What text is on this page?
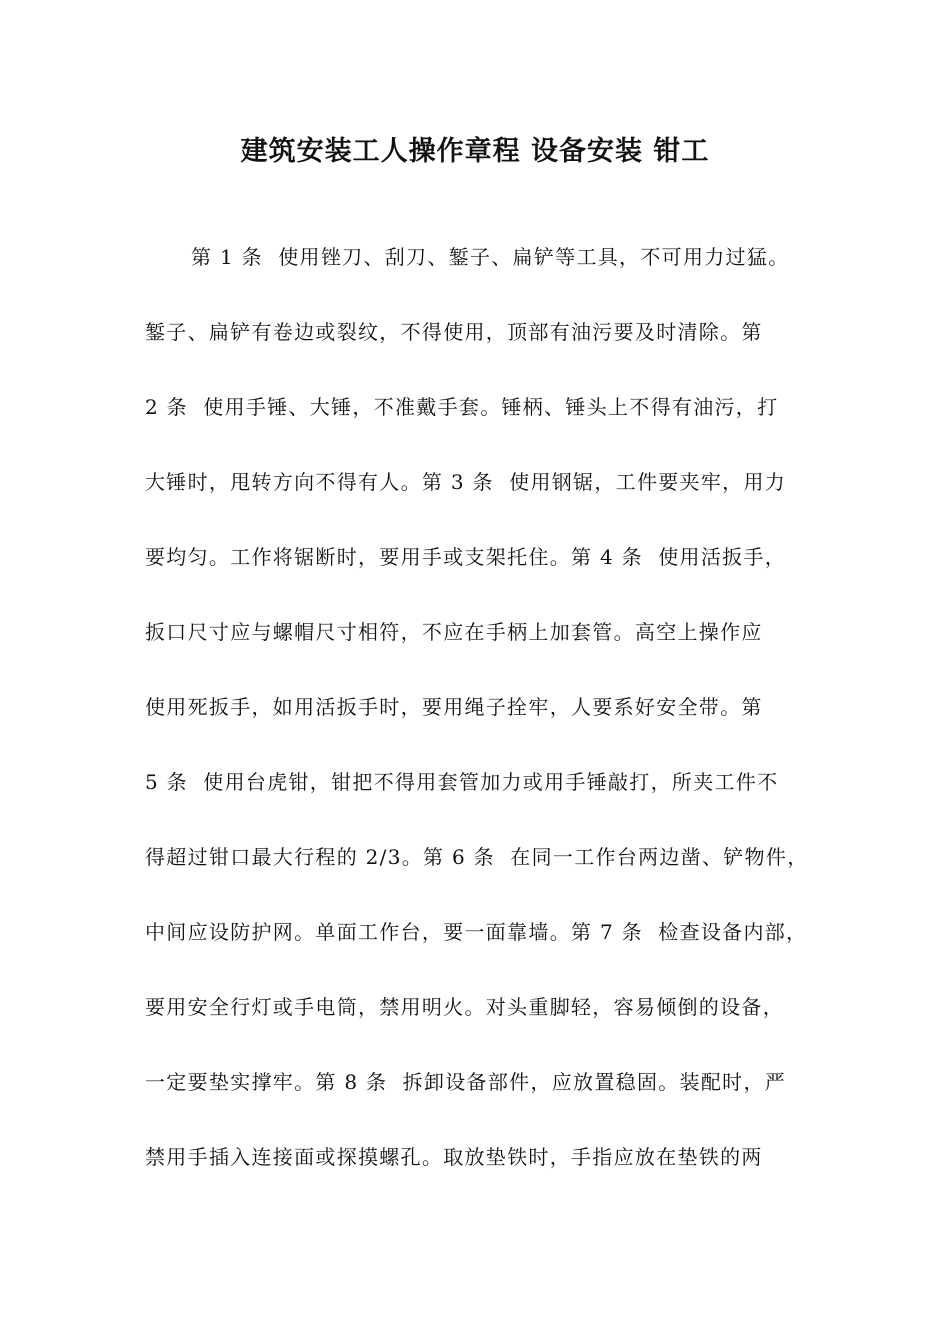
建筑安装工人操作章程 设备安装 钳工
第 1 条  使用锉刀、刮刀、錾子、扁铲等工具，不可用力过猛。
錾子、扁铲有卷边或裂纹，不得使用，顶部有油污要及时清除。第
2 条  使用手锤、大锤，不准戴手套。锤柄、锤头上不得有油污，打
大锤时，甩转方向不得有人。第 3 条  使用钢锯，工件要夹牢，用力
要均匀。工作将锯断时，要用手或支架托住。第 4 条  使用活扳手，
扳口尺寸应与螺帽尺寸相符，不应在手柄上加套管。高空上操作应
使用死扳手，如用活扳手时，要用绳子拴牢，人要系好安全带。第
5 条  使用台虎钳，钳把不得用套管加力或用手锤敲打，所夹工件不
得超过钳口最大行程的 2/3。第 6 条  在同一工作台两边凿、铲物件，
中间应设防护网。单面工作台，要一面靠墙。第 7 条  检查设备内部，
要用安全行灯或手电筒，禁用明火。对头重脚轻，容易倾倒的设备，
一定要垫实撑牢。第 8 条  拆卸设备部件，应放置稳固。装配时，严
禁用手插入连接面或探摸螺孔。取放垫铁时，手指应放在垫铁的两
